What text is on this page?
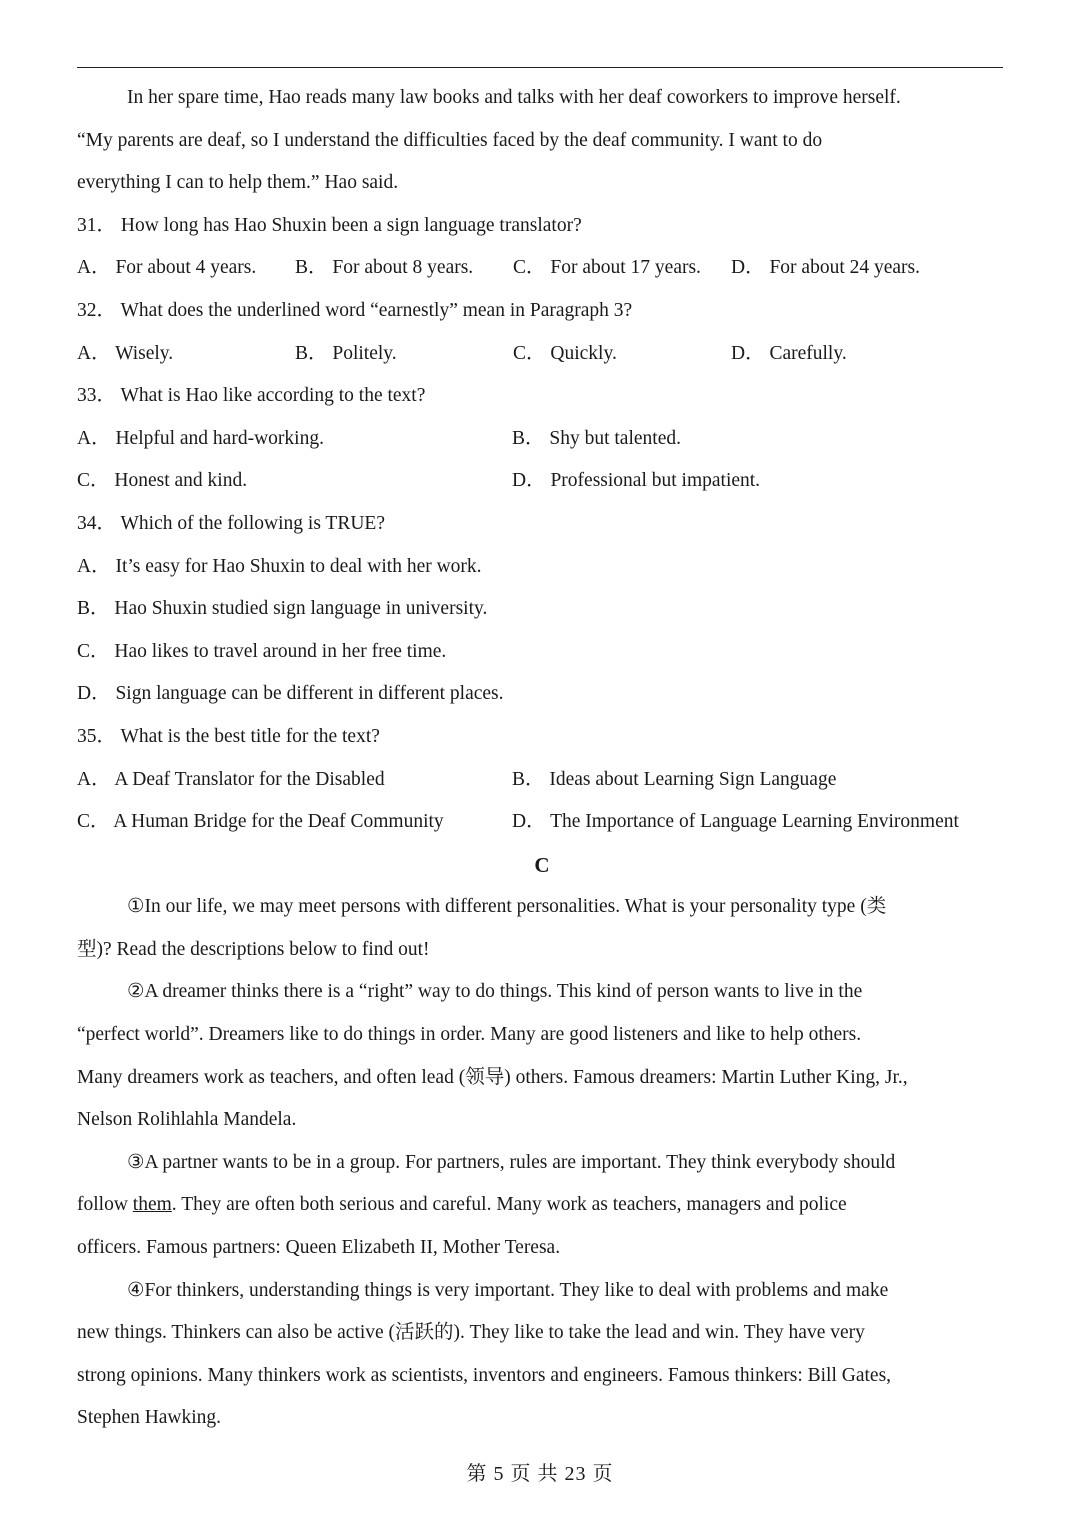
In her spare time, Hao reads many law books and talks with her deaf coworkers to improve herself.
“My parents are deaf, so I understand the difficulties faced by the deaf community. I want to do
everything I can to help them.” Hao said.
31． How long has Hao Shuxin been a sign language translator?
A． For about 4 years.	B． For about 8 years.	C． For about 17 years.	D． For about 24 years.
32． What does the underlined word “earnestly” mean in Paragraph 3?
A． Wisely.	B． Politely.	C． Quickly.	D． Carefully.
33． What is Hao like according to the text?
A． Helpful and hard-working.	B． Shy but talented.
C． Honest and kind.	D． Professional but impatient.
34． Which of the following is TRUE?
A． It’s easy for Hao Shuxin to deal with her work.
B． Hao Shuxin studied sign language in university.
C． Hao likes to travel around in her free time.
D． Sign language can be different in different places.
35． What is the best title for the text?
A． A Deaf Translator for the Disabled	B． Ideas about Learning Sign Language
C． A Human Bridge for the Deaf Community	D． The Importance of Language Learning Environment
C
①In our life, we may meet persons with different personalities. What is your personality type (类
型)? Read the descriptions below to find out!
②A dreamer thinks there is a “right” way to do things. This kind of person wants to live in the
“perfect world”. Dreamers like to do things in order. Many are good listeners and like to help others.
Many dreamers work as teachers, and often lead (领导) others. Famous dreamers: Martin Luther King, Jr.,
Nelson Rolihlahla Mandela.
③A partner wants to be in a group. For partners, rules are important. They think everybody should
follow them. They are often both serious and careful. Many work as teachers, managers and police
officers. Famous partners: Queen Elizabeth II, Mother Teresa.
④For thinkers, understanding things is very important. They like to deal with problems and make
new things. Thinkers can also be active (活跃的). They like to take the lead and win. They have very
strong opinions. Many thinkers work as scientists, inventors and engineers. Famous thinkers: Bill Gates,
Stephen Hawking.
第 5 页 共 23 页
